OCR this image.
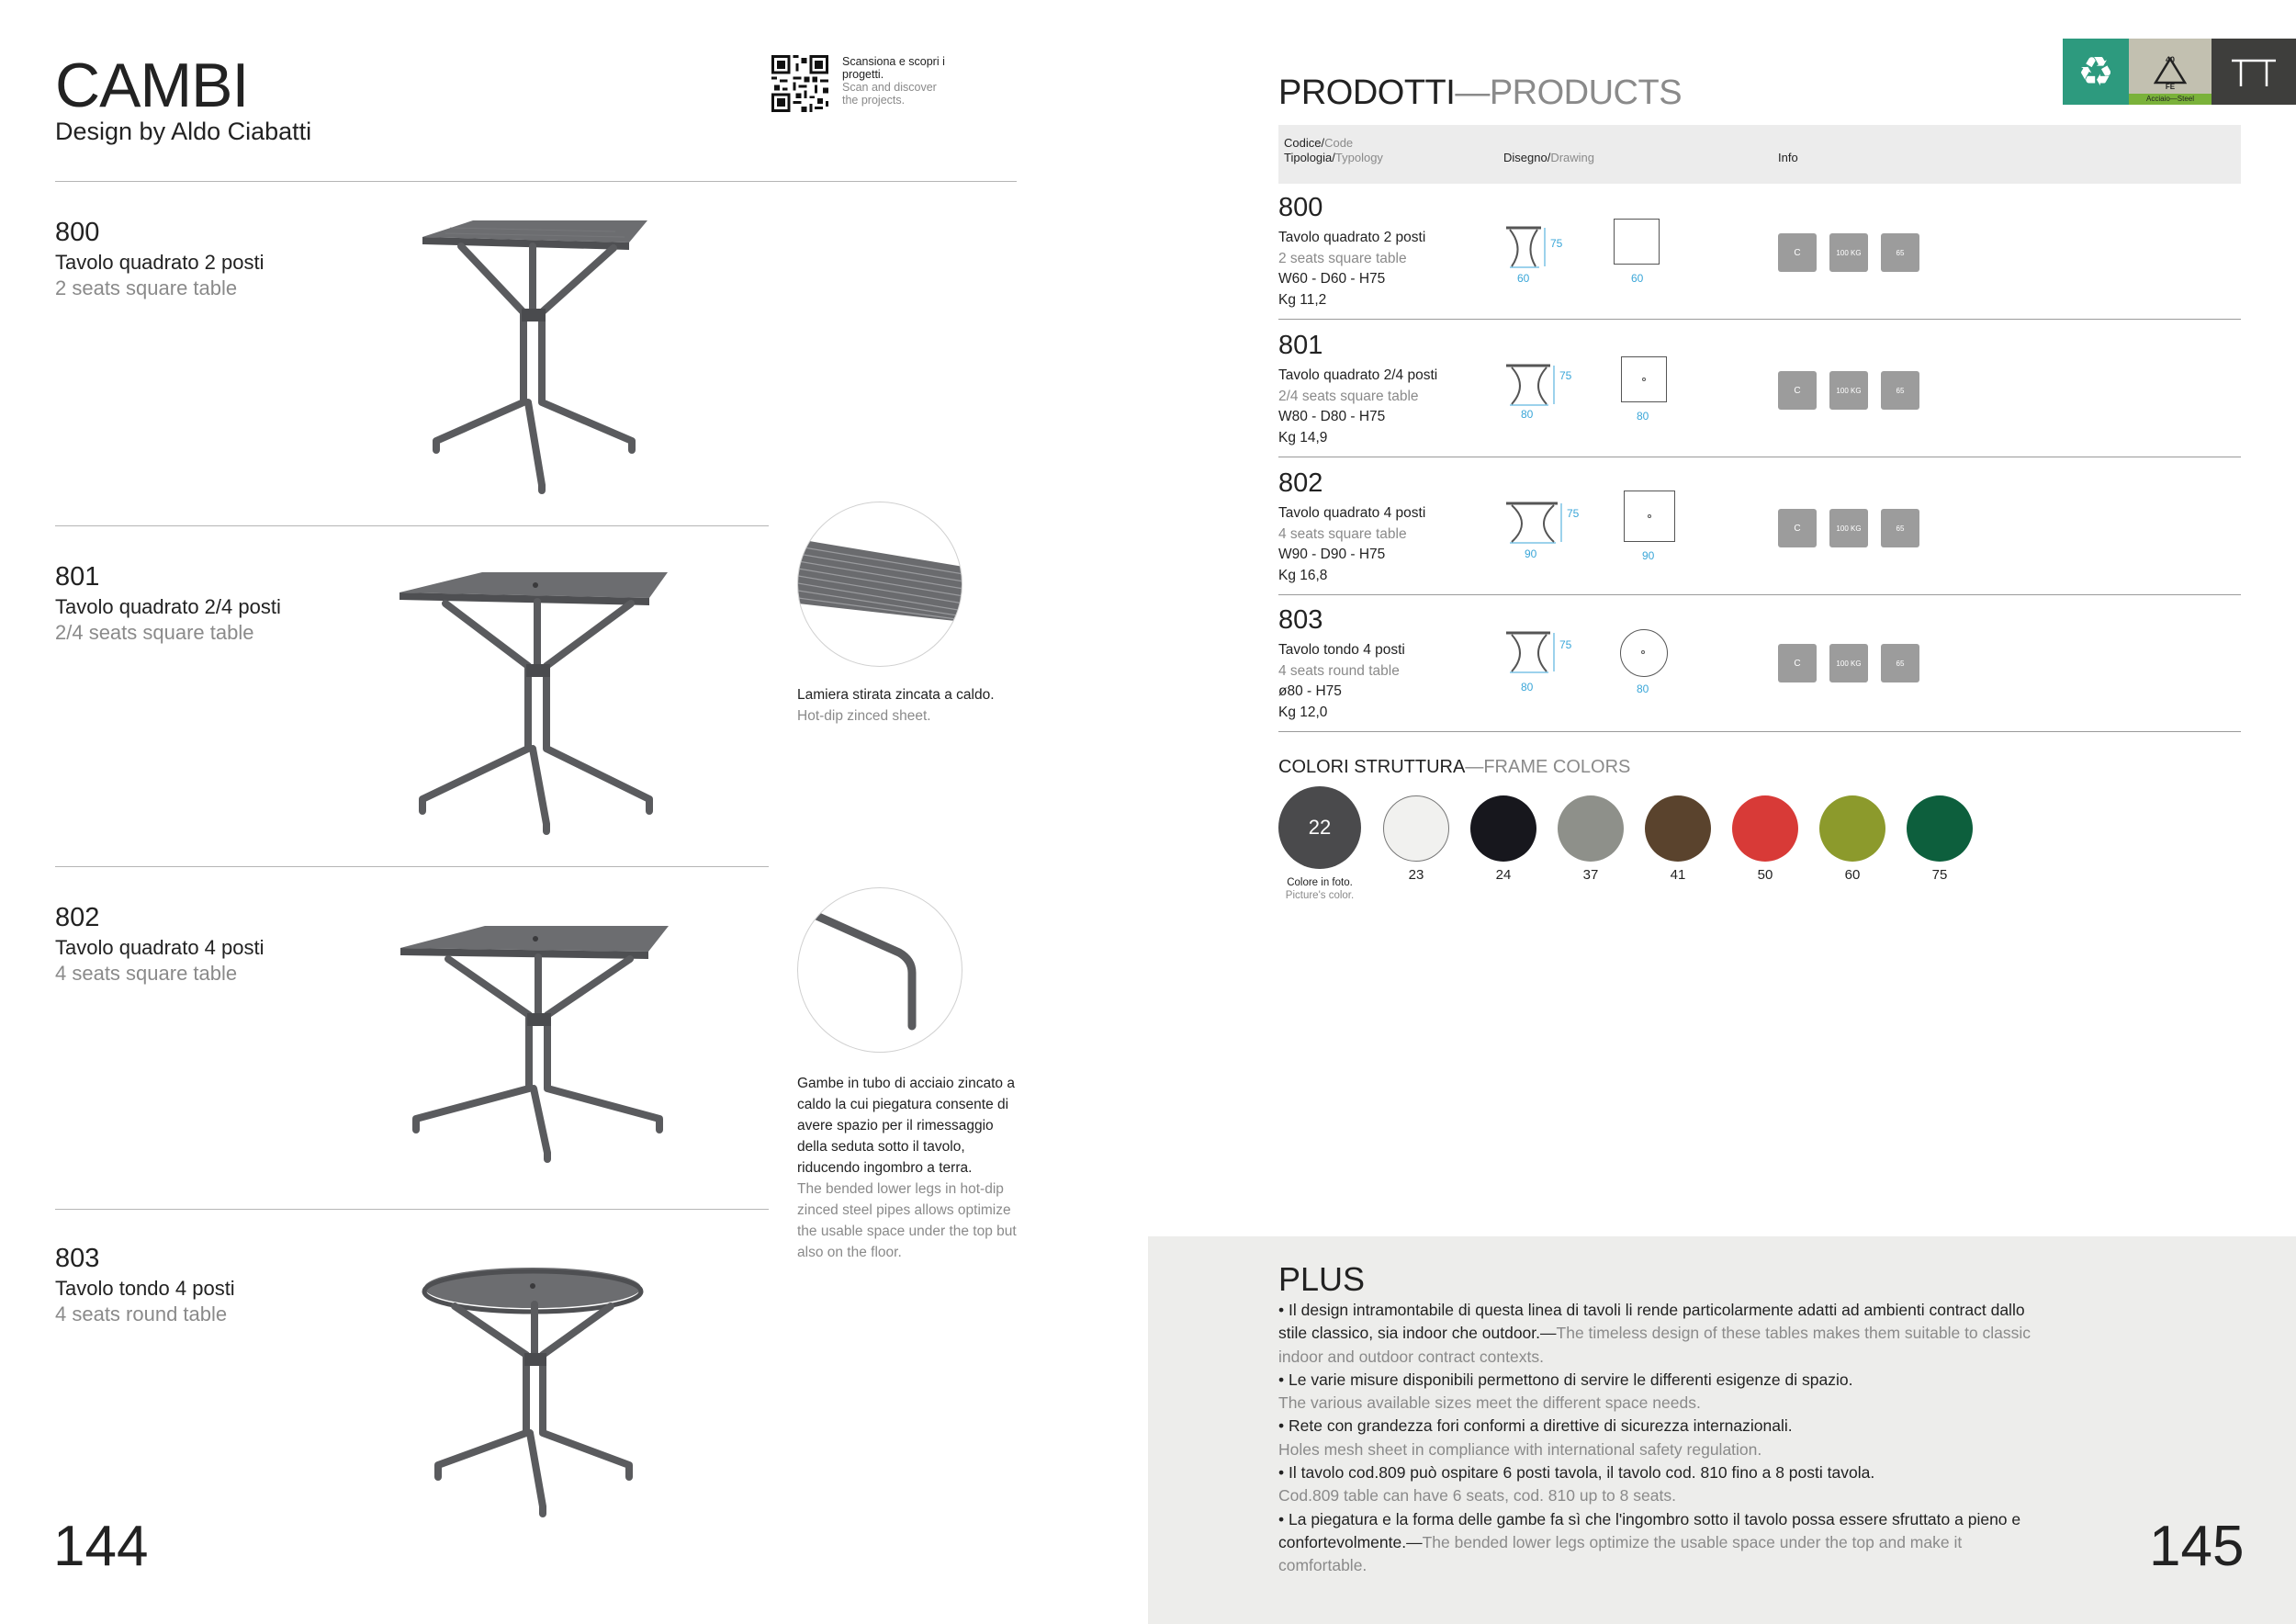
CAMBI
Design by Aldo Ciabatti
Scansiona e scopri i progetti.
Scan and discover the projects.
800
Tavolo quadrato 2 posti
2 seats square table
801
Tavolo quadrato 2/4 posti
2/4 seats square table
Lamiera stirata zincata a caldo.
Hot-dip zinced sheet.
802
Tavolo quadrato 4 posti
4 seats square table
Gambe in tubo di acciaio zincato a caldo la cui piegatura consente di avere spazio per il rimessaggio della seduta sotto il tavolo, riducendo ingombro a terra.
The bended lower legs in hot-dip zinced steel pipes allows optimize the usable space under the top but also on the floor.
803
Tavolo tondo 4 posti
4 seats round table
144
PRODOTTI—PRODUCTS	♻	40
FE
Acciaio—Steel
Codice/Code
Tipologia/Typology	Disegno/Drawing	Info
800
Tavolo quadrato 2 posti
2 seats square table
W60 - D60 - H75
Kg 11,2
75
60	60
C	100 KG	65
801
Tavolo quadrato 2/4 posti
2/4 seats square table
W80 - D80 - H75
Kg 14,9
75
80	80
C	100 KG	65
802
Tavolo quadrato 4 posti
4 seats square table
W90 - D90 - H75
Kg 16,8
75
90	90
C	100 KG	65
803
Tavolo tondo 4 posti
4 seats round table
ø80 - H75
Kg 12,0
75
80	80
C	100 KG	65
COLORI STRUTTURA—FRAME COLORS
22
Colore in foto.
Picture's color.
23	24	37	41	50	60	75
PLUS
• Il design intramontabile di questa linea di tavoli li rende particolarmente adatti ad ambienti contract dallo stile classico, sia indoor che outdoor.—The timeless design of these tables makes them suitable to classic indoor and outdoor contract contexts.
• Le varie misure disponibili permettono di servire le differenti esigenze di spazio.
The various available sizes meet the different space needs.
• Rete con grandezza fori conformi a direttive di sicurezza internazionali.
Holes mesh sheet in compliance with international safety regulation.
• Il tavolo cod.809 può ospitare 6 posti tavola, il tavolo cod. 810 fino a 8 posti tavola.
Cod.809 table can have 6 seats, cod. 810 up to 8 seats.
• La piegatura e la forma delle gambe fa sì che l'ingombro sotto il tavolo possa essere sfruttato a pieno e confortevolmente.—The bended lower legs optimize the usable space under the top and make it comfortable.	145
